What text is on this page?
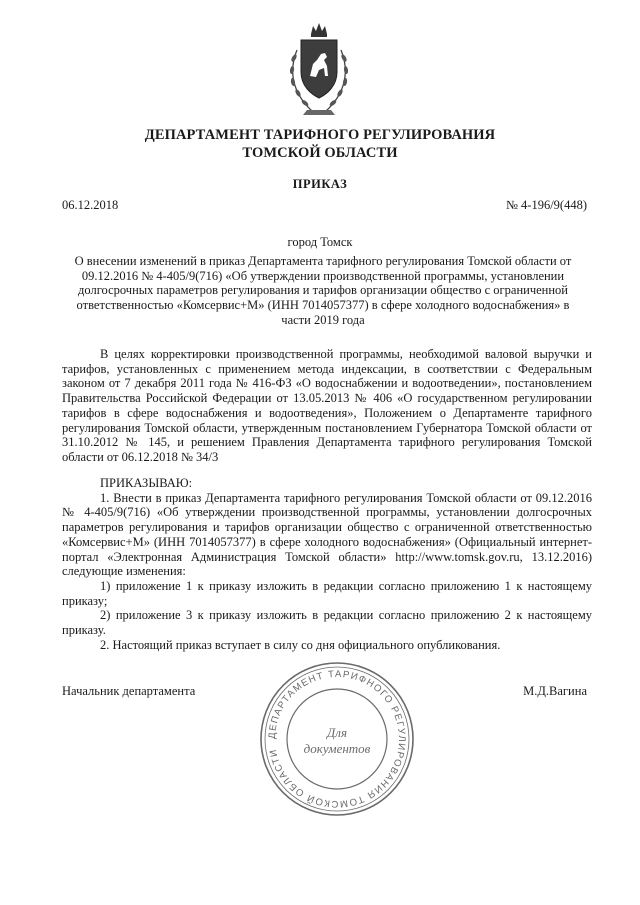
ДЕПАРТАМЕНТ ТАРИФНОГО РЕГУЛИРОВАНИЯ
ТОМСКОЙ ОБЛАСТИ
ПРИКАЗ
06.12.2018	№ 4-196/9(448)
город Томск
О внесении изменений в приказ Департамента тарифного регулирования Томской области от 09.12.2016 № 4-405/9(716) «Об утверждении производственной программы, установлении долгосрочных параметров регулирования и тарифов организации общество с ограниченной ответственностью «Комсервис+М» (ИНН 7014057377) в сфере холодного водоснабжения» в части 2019 года

В целях корректировки производственной программы, необходимой валовой выручки и тарифов, установленных с применением метода индексации, в соответствии с Федеральным законом от 7 декабря 2011 года № 416-ФЗ «О водоснабжении и водоотведении», постановлением Правительства Российской Федерации от 13.05.2013 № 406 «О государственном регулировании тарифов в сфере водоснабжения и водоотведения», Положением о Департаменте тарифного регулирования Томской области, утвержденным постановлением Губернатора Томской области от 31.10.2012 № 145, и решением Правления Департамента тарифного регулирования Томской области от 06.12.2018 № 34/3

ПРИКАЗЫВАЮ:

1. Внести в приказ Департамента тарифного регулирования Томской области от 09.12.2016 № 4-405/9(716) «Об утверждении производственной программы, установлении долгосрочных параметров регулирования и тарифов организации общество с ограниченной ответственностью «Комсервис+М» (ИНН 7014057377) в сфере холодного водоснабжения» (Официальный интернет-портал «Электронная Администрация Томской области» http://www.tomsk.gov.ru, 13.12.2016) следующие изменения:

1) приложение 1 к приказу изложить в редакции согласно приложению 1 к настоящему приказу;

2) приложение 3 к приказу изложить в редакции согласно приложению 2 к настоящему приказу.

2. Настоящий приказ вступает в силу со дня официального опубликования.

Начальник департамента	М.Д.Вагина
ДЕПАРТАМЕНТ ТАРИФНОГО РЕГУЛИРОВАНИЯ ТОМСКОЙ ОБЛАСТИ
Для
документов
